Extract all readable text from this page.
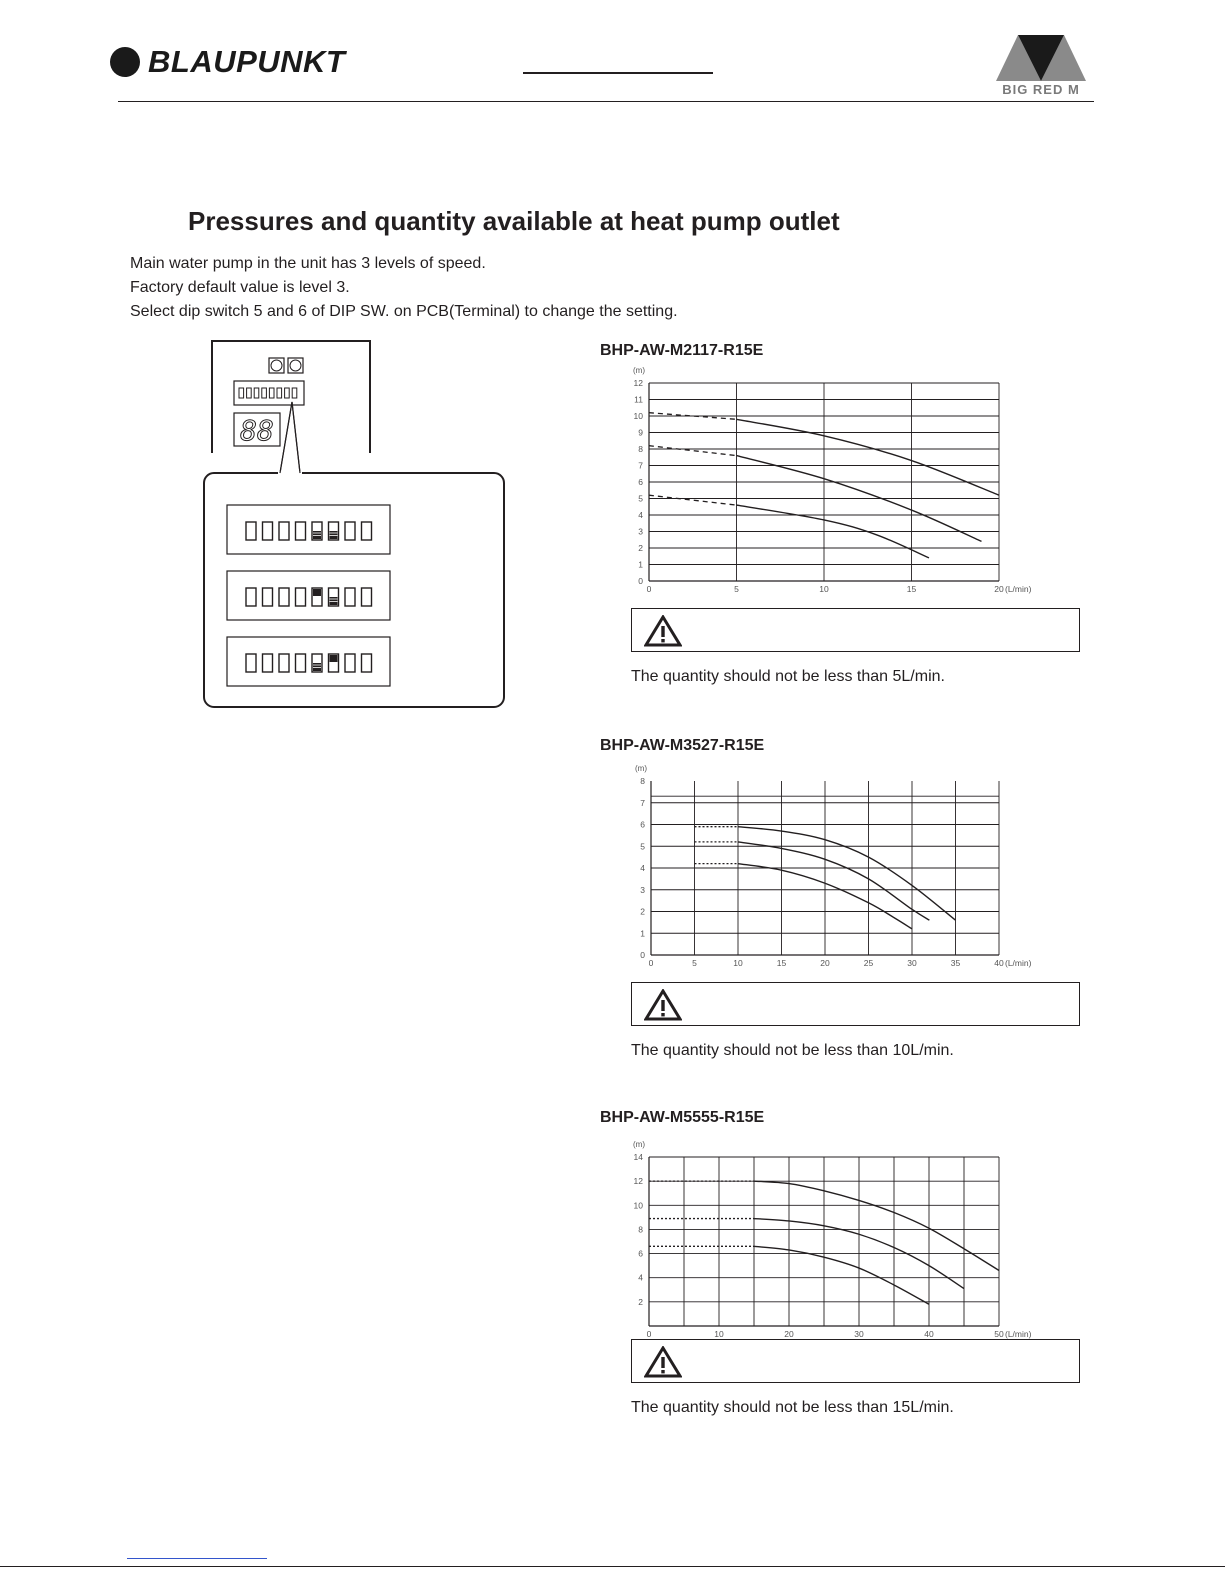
BLAUPUNKT
BIG RED M
Pressures and quantity available at heat pump outlet

Main water pump in the unit has 3 levels of speed.

Factory default value is level 3.

Select dip switch 5 and 6 of DIP SW. on PCB(Terminal) to change the setting.

88
BHP-AW-M2117-R15E
(m)
0
1
2
3
4
5
6
7
8
9
10
11
12
0	5	10	15	20 (L/min)
The quantity should not be less than 5L/min.
BHP-AW-M3527-R15E
(m)
0
1
2
3
4
5
6
7
8
0	5	10	15	20	25	30	35	40 (L/min)
The quantity should not be less than 10L/min.
BHP-AW-M5555-R15E
(m)
2
4
6
8
10
12
14
0	10	20	30	40	50 (L/min)
The quantity should not be less than 15L/min.
